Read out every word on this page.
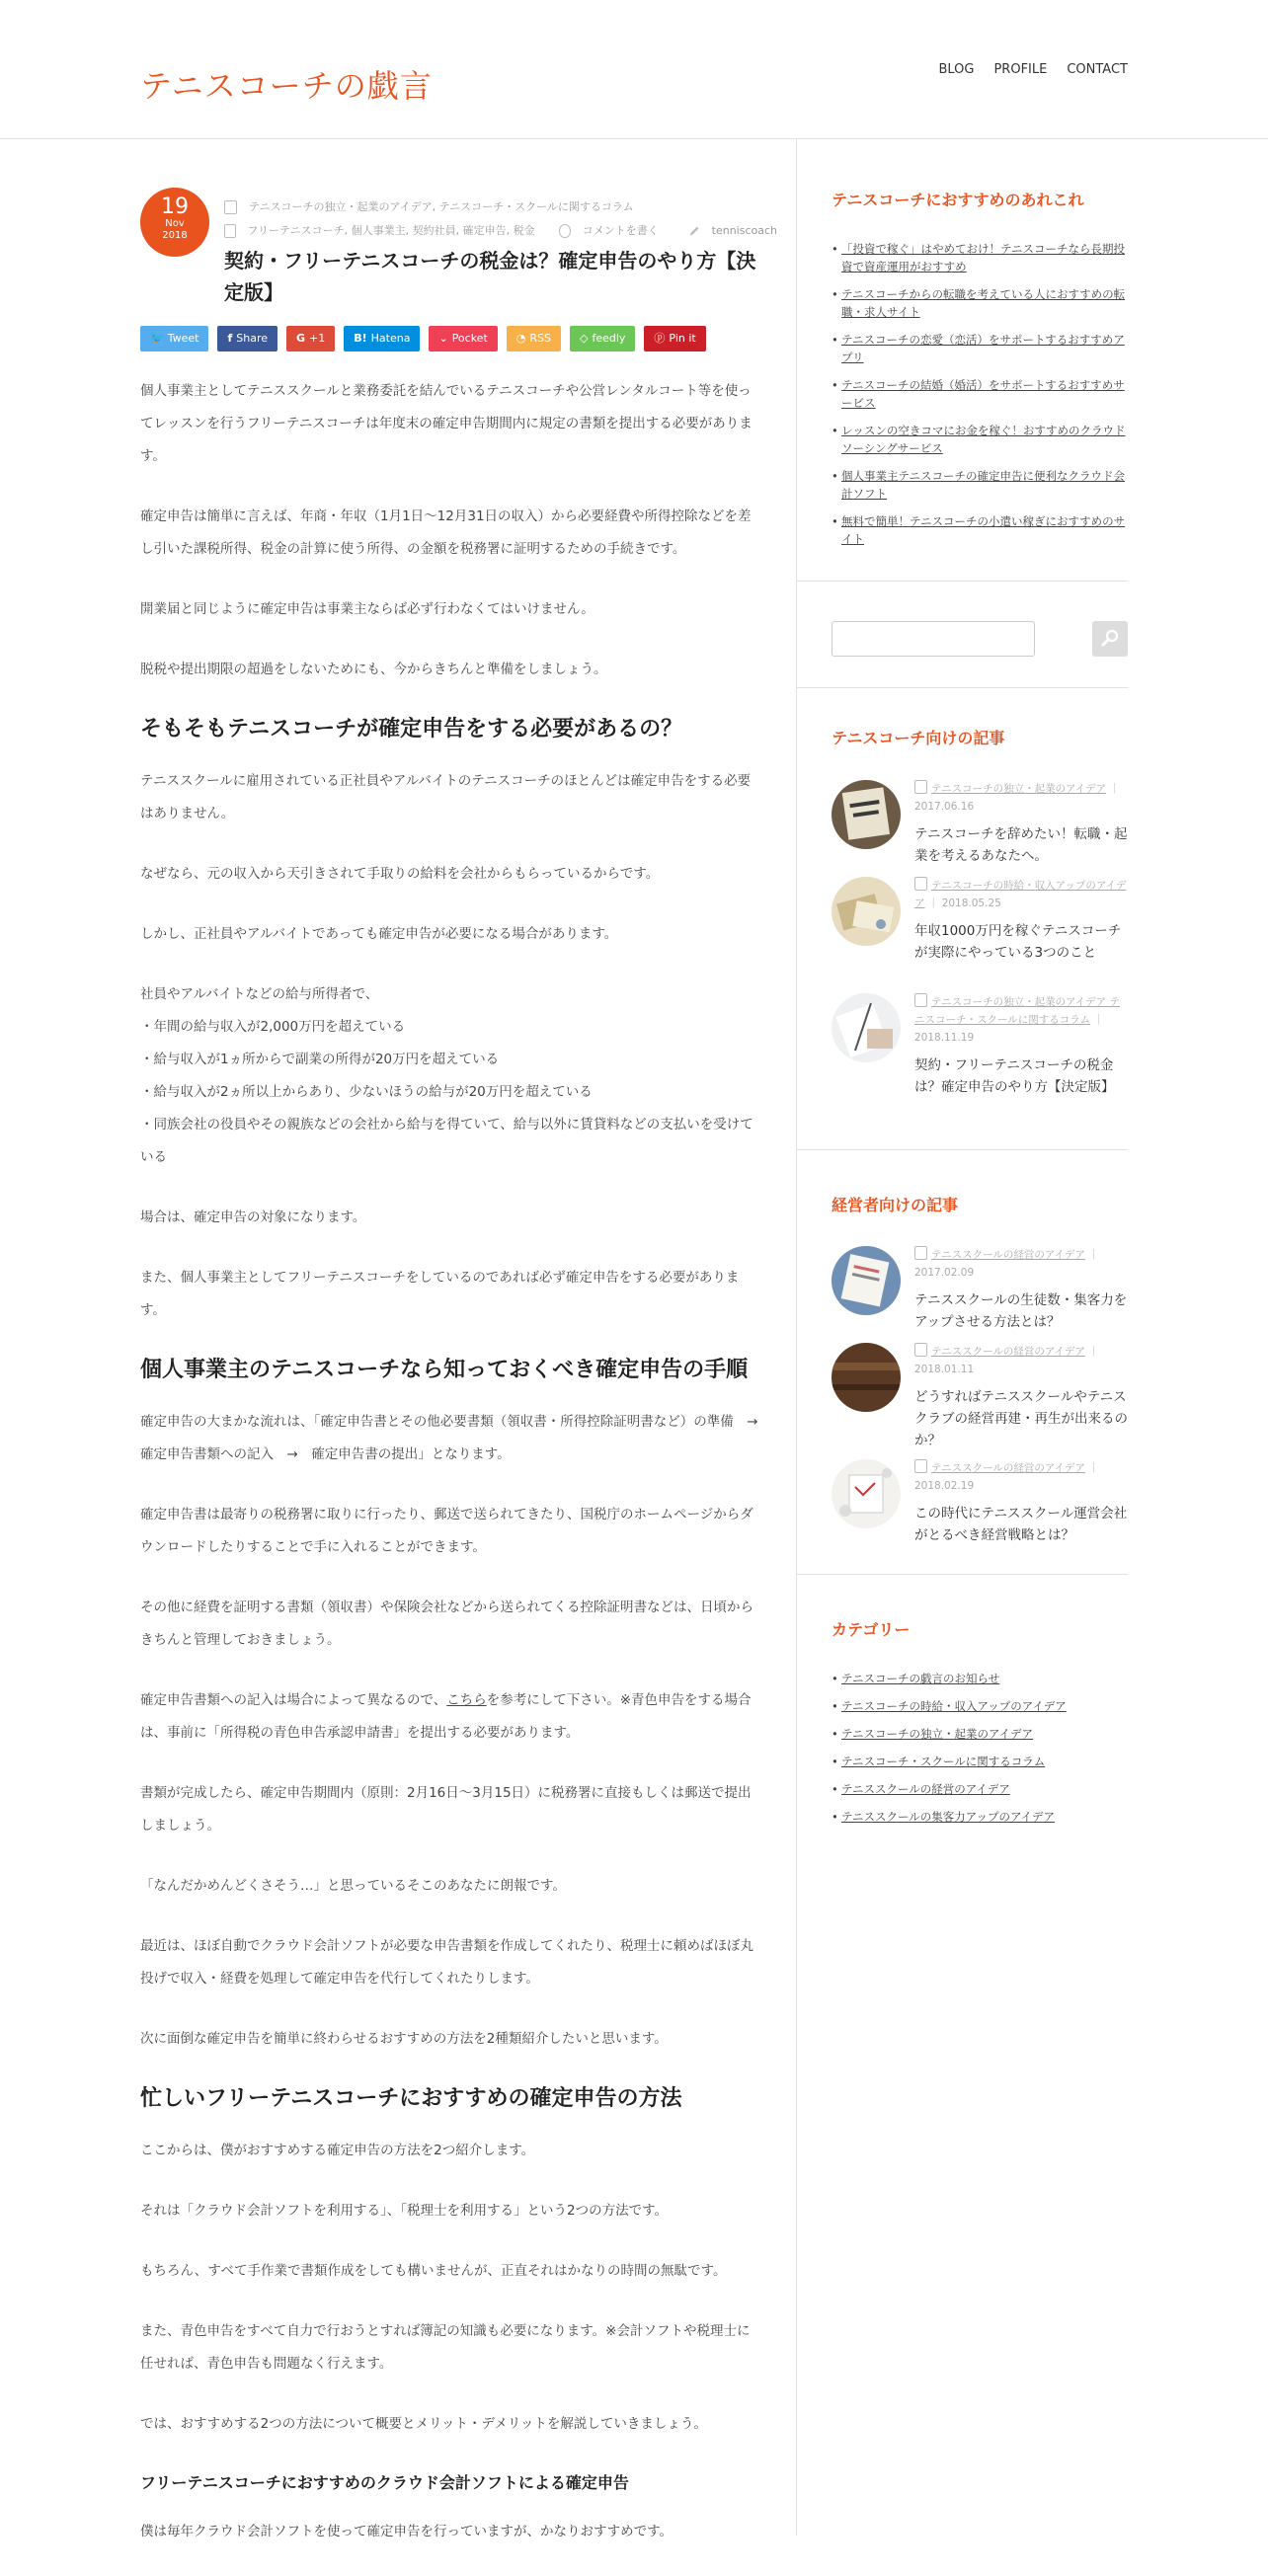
テニスコーチの戯言	BLOG PROFILE CONTACT
19
Nov
2018
テニスコーチの独立・起業のアイデア, テニスコーチ・スクールに関するコラム
フリーテニスコーチ, 個人事業主, 契約社員, 確定申告, 税金	コメントを書く	tenniscoach
契約・フリーテニスコーチの税金は？確定申告のやり方【決定版】
🐦 Tweet	f Share	G +1	B! Hatena	⌄ Pocket	◔ RSS	◇ feedly	ⓟ Pin it

個人事業主としてテニススクールと業務委託を結んでいるテニスコーチや公営レンタルコート等を使ってレッスンを行うフリーテニスコーチは年度末の確定申告期間内に規定の書類を提出する必要があります。

確定申告は簡単に言えば、年商・年収（1月1日～12月31日の収入）から必要経費や所得控除などを差し引いた課税所得、税金の計算に使う所得、の金額を税務署に証明するための手続きです。

開業届と同じように確定申告は事業主ならば必ず行わなくてはいけません。

脱税や提出期限の超過をしないためにも、今からきちんと準備をしましょう。

そもそもテニスコーチが確定申告をする必要があるの？

テニススクールに雇用されている正社員やアルバイトのテニスコーチのほとんどは確定申告をする必要はありません。

なぜなら、元の収入から天引きされて手取りの給料を会社からもらっているからです。

しかし、正社員やアルバイトであっても確定申告が必要になる場合があります。

社員やアルバイトなどの給与所得者で、

・年間の給与収入が2,000万円を超えている

・給与収入が1ヵ所からで副業の所得が20万円を超えている

・給与収入が2ヵ所以上からあり、少ないほうの給与が20万円を超えている

・同族会社の役員やその親族などの会社から給与を得ていて、給与以外に賃貸料などの支払いを受けている

場合は、確定申告の対象になります。

また、個人事業主としてフリーテニスコーチをしているのであれば必ず確定申告をする必要があります。

個人事業主のテニスコーチなら知っておくべき確定申告の手順

確定申告の大まかな流れは、「確定申告書とその他必要書類（領収書・所得控除証明書など）の準備　→　確定申告書類への記入　→　確定申告書の提出」となります。

確定申告書は最寄りの税務署に取りに行ったり、郵送で送られてきたり、国税庁のホームページからダウンロードしたりすることで手に入れることができます。

その他に経費を証明する書類（領収書）や保険会社などから送られてくる控除証明書などは、日頃からきちんと管理しておきましょう。

確定申告書類への記入は場合によって異なるので、こちらを参考にして下さい。※青色申告をする場合は、事前に「所得税の青色申告承認申請書」を提出する必要があります。

書類が完成したら、確定申告期間内（原則：2月16日～3月15日）に税務署に直接もしくは郵送で提出しましょう。

「なんだかめんどくさそう…」と思っているそこのあなたに朗報です。

最近は、ほぼ自動でクラウド会計ソフトが必要な申告書類を作成してくれたり、税理士に頼めばほぼ丸投げで収入・経費を処理して確定申告を代行してくれたりします。

次に面倒な確定申告を簡単に終わらせるおすすめの方法を2種類紹介したいと思います。

忙しいフリーテニスコーチにおすすめの確定申告の方法

ここからは、僕がおすすめする確定申告の方法を2つ紹介します。

それは「クラウド会計ソフトを利用する」、「税理士を利用する」という2つの方法です。

もちろん、すべて手作業で書類作成をしても構いませんが、正直それはかなりの時間の無駄です。

また、青色申告をすべて自力で行おうとすれば簿記の知識も必要になります。※会計ソフトや税理士に任せれば、青色申告も問題なく行えます。

では、おすすめする2つの方法について概要とメリット・デメリットを解説していきましょう。

フリーテニスコーチにおすすめのクラウド会計ソフトによる確定申告

僕は毎年クラウド会計ソフトを使って確定申告を行っていますが、かなりおすすめです。

テニスコーチにおすすめのあれこれ
• 「投資で稼ぐ」はやめておけ！テニスコーチなら長期投資で資産運用がおすすめ
• テニスコーチからの転職を考えている人におすすめの転職・求人サイト
• テニスコーチの恋愛（恋活）をサポートするおすすめアプリ
• テニスコーチの結婚（婚活）をサポートするおすすめサービス
• レッスンの空きコマにお金を稼ぐ！おすすめのクラウドソーシングサービス
• 個人事業主テニスコーチの確定申告に便利なクラウド会計ソフト
• 無料で簡単！テニスコーチの小遣い稼ぎにおすすめのサイト
テニスコーチ向けの記事
テニスコーチの独立・起業のアイデア ｜ 2017.06.16
テニスコーチを辞めたい！転職・起業を考えるあなたへ。
テニスコーチの時給・収入アップのアイデア ｜ 2018.05.25
年収1000万円を稼ぐテニスコーチが実際にやっている3つのこと
テニスコーチの独立・起業のアイデア テニスコーチ・スクールに関するコラム ｜ 2018.11.19
契約・フリーテニスコーチの税金は？確定申告のやり方【決定版】
経営者向けの記事
テニススクールの経営のアイデア ｜ 2017.02.09
テニススクールの生徒数・集客力をアップさせる方法とは？
テニススクールの経営のアイデア ｜ 2018.01.11
どうすればテニススクールやテニスクラブの経営再建・再生が出来るのか？
テニススクールの経営のアイデア ｜ 2018.02.19
この時代にテニススクール運営会社がとるべき経営戦略とは？
カテゴリー
• テニスコーチの戯言のお知らせ
• テニスコーチの時給・収入アップのアイデア
• テニスコーチの独立・起業のアイデア
• テニスコーチ・スクールに関するコラム
• テニススクールの経営のアイデア
• テニススクールの集客力アップのアイデア
